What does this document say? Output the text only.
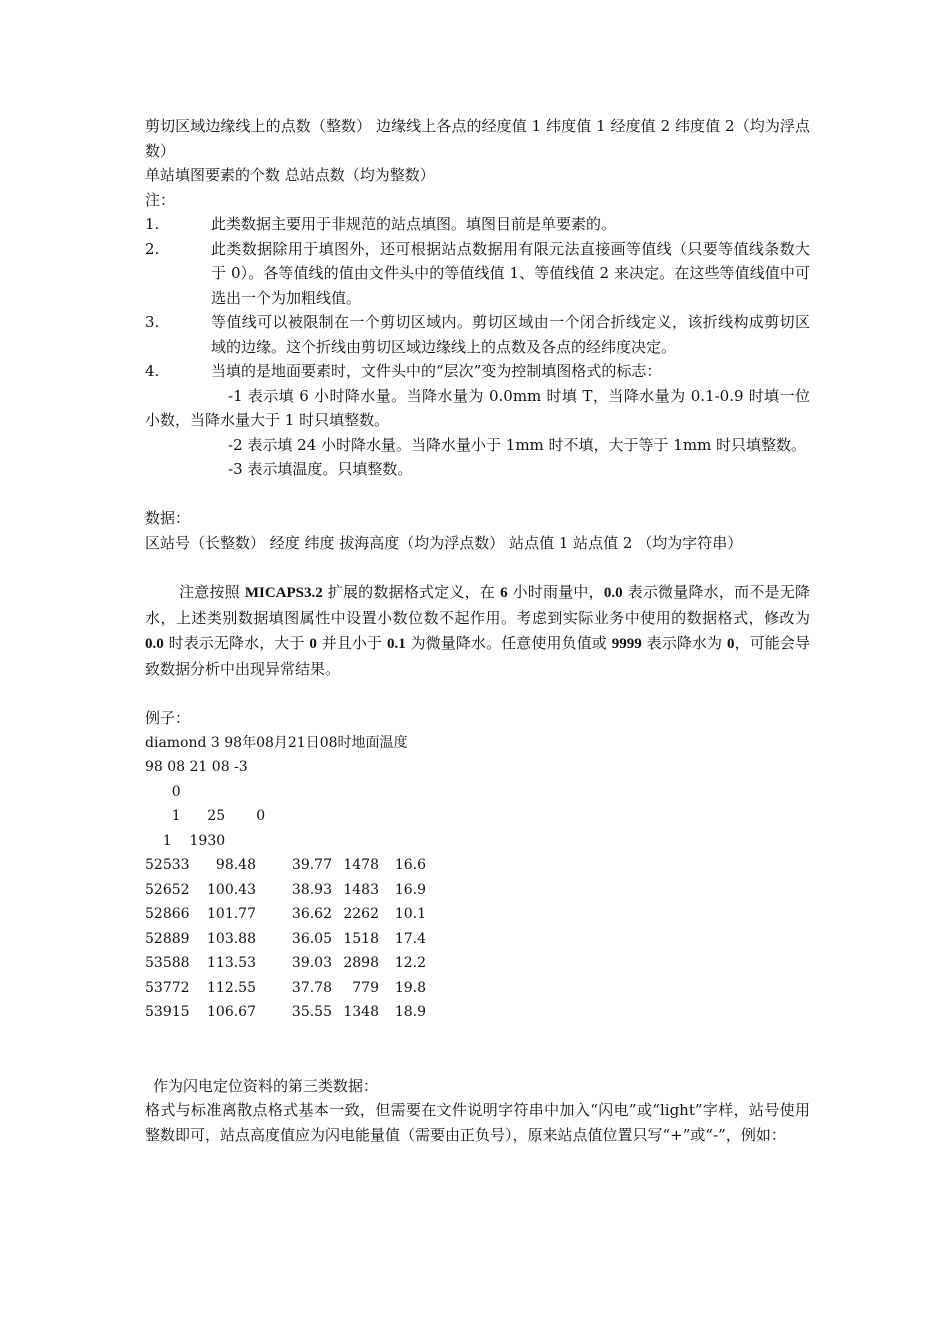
剪切区域边缘线上的点数（整数） 边缘线上各点的经度值 1 纬度值 1 经度值 2 纬度值 2（均为浮点数）

单站填图要素的个数 总站点数（均为整数）

注：

1.	此类数据主要用于非规范的站点填图。填图目前是单要素的。
2.	此类数据除用于填图外，还可根据站点数据用有限元法直接画等值线（只要等值线条数大于 0）。各等值线的值由文件头中的等值线值 1、等值线值 2 来决定。在这些等值线值中可选出一个为加粗线值。
3.	等值线可以被限制在一个剪切区域内。剪切区域由一个闭合折线定义，该折线构成剪切区域的边缘。这个折线由剪切区域边缘线上的点数及各点的经纬度决定。
4.	当填的是地面要素时，文件头中的“层次”变为控制填图格式的标志：

-1 表示填 6 小时降水量。当降水量为 0.0mm 时填 T，当降水量为 0.1-0.9 时填一位小数，当降水量大于 1 时只填整数。

-2 表示填 24 小时降水量。当降水量小于 1mm 时不填，大于等于 1mm 时只填整数。

-3 表示填温度。只填整数。

数据：

区站号（长整数） 经度 纬度 拔海高度（均为浮点数） 站点值 1 站点值 2 （均为字符串）

注意按照 MICAPS3.2 扩展的数据格式定义，在 6 小时雨量中，0.0 表示微量降水，而不是无降水，上述类别数据填图属性中设置小数位数不起作用。考虑到实际业务中使用的数据格式，修改为 0.0 时表示无降水，大于 0 并且小于 0.1 为微量降水。任意使用负值或 9999 表示降水为 0，可能会导致数据分析中出现异常结果。

例子：

diamond 3 98年08月21日08时地面温度

98 08 21 08 -3

0

1      25       0

1    1930

52533	98.48	39.77 1478	16.6
52652	100.43	38.93 1483	16.9
52866	101.77	36.62 2262	10.1
52889	103.88	36.05 1518	17.4
53588	113.53	39.03 2898	12.2
53772	112.55	37.78	779	19.8
53915	106.67	35.55 1348	18.9

作为闪电定位资料的第三类数据：

格式与标准离散点格式基本一致，但需要在文件说明字符串中加入“闪电”或“light”字样，站号使用整数即可，站点高度值应为闪电能量值（需要由正负号），原来站点值位置只写“+”或“-”，例如：
